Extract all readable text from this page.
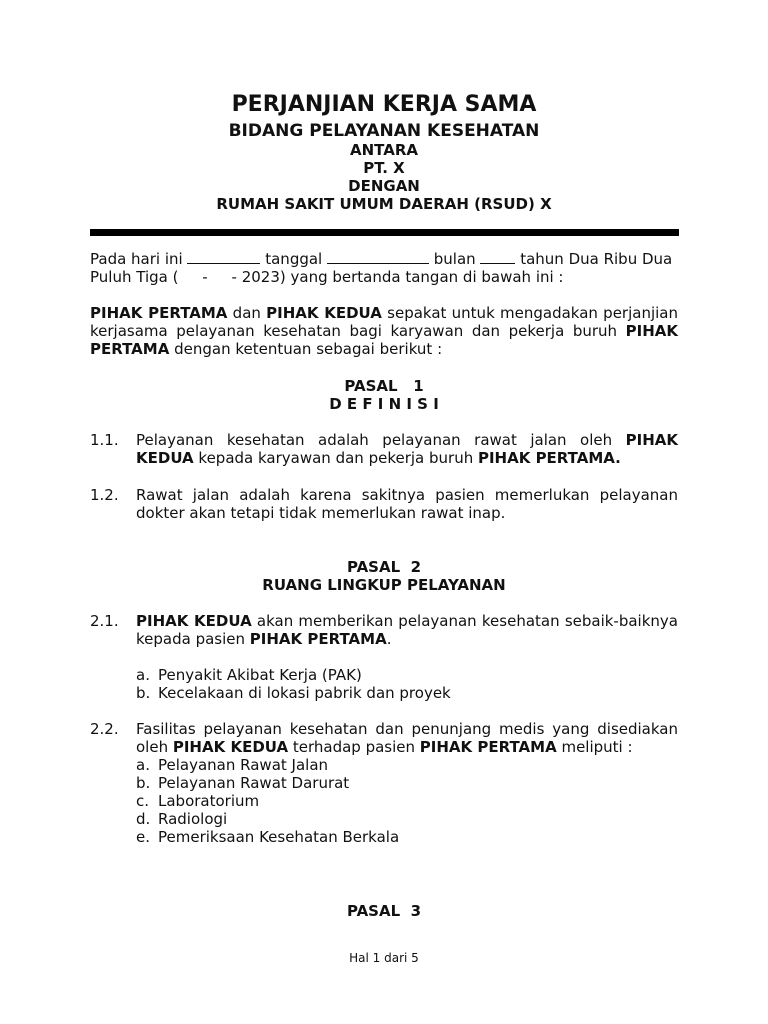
PERJANJIAN KERJA SAMA
BIDANG PELAYANAN KESEHATAN
ANTARA
PT. X
DENGAN
RUMAH SAKIT UMUM DAERAH (RSUD) X
Pada hari ini	tanggal	bulan  tahun Dua Ribu Dua
Puluh Tiga (     -     - 2023) yang bertanda tangan di bawah ini :

PIHAK PERTAMA dan PIHAK KEDUA sepakat untuk mengadakan perjanjian kerjasama pelayanan kesehatan bagi karyawan dan pekerja buruh PIHAK PERTAMA dengan ketentuan sebagai berikut :

PASAL   1
D E F I N I S I
1.1. Pelayanan kesehatan adalah pelayanan rawat jalan oleh PIHAK KEDUA kepada karyawan dan pekerja buruh PIHAK PERTAMA.

1.2. Rawat jalan adalah karena sakitnya pasien memerlukan pelayanan dokter akan tetapi tidak memerlukan rawat inap.

PASAL  2
RUANG LINGKUP PELAYANAN
2.1. PIHAK KEDUA akan memberikan pelayanan kesehatan sebaik-baiknya kepada pasien PIHAK PERTAMA.

a. Penyakit Akibat Kerja (PAK)
b. Kecelakaan di lokasi pabrik dan proyek
2.2. Fasilitas pelayanan kesehatan dan penunjang medis yang disediakan oleh PIHAK KEDUA terhadap pasien PIHAK PERTAMA meliputi :

a. Pelayanan Rawat Jalan
b. Pelayanan Rawat Darurat
c. Laboratorium
d. Radiologi
e. Pemeriksaan Kesehatan Berkala
PASAL  3
Hal 1 dari 5
